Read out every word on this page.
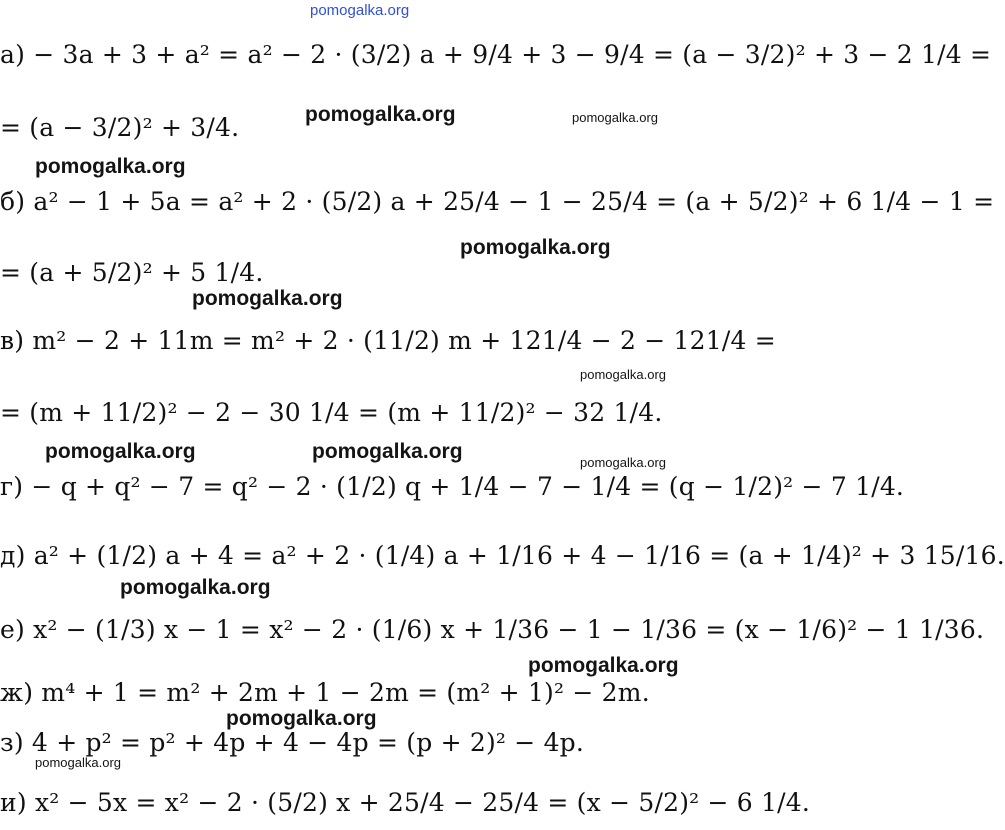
pomogalka.org
а) − 3a + 3 + a² = a² − 2 · (3/2) a + 9/4 + 3 − 9/4 = (a − 3/2)² + 3 − 2 1/4 =
= (a − 3/2)² + 3/4.
б) a² − 1 + 5a = a² + 2 · (5/2) a + 25/4 − 1 − 25/4 = (a + 5/2)² + 6 1/4 − 1 =
= (a + 5/2)² + 5 1/4.
в) m² − 2 + 11m = m² + 2 · (11/2) m + 121/4 − 2 − 121/4 =
= (m + 11/2)² − 2 − 30 1/4 = (m + 11/2)² − 32 1/4.
г) − q + q² − 7 = q² − 2 · (1/2) q + 1/4 − 7 − 1/4 = (q − 1/2)² − 7 1/4.
д) a² + (1/2) a + 4 = a² + 2 · (1/4) a + 1/16 + 4 − 1/16 = (a + 1/4)² + 3 15/16.
е) x² − (1/3) x − 1 = x² − 2 · (1/6) x + 1/36 − 1 − 1/36 = (x − 1/6)² − 1 1/36.
ж) m⁴ + 1 = m² + 2m + 1 − 2m = (m² + 1)² − 2m.
з) 4 + p² = p² + 4p + 4 − 4p = (p + 2)² − 4p.
и) x² − 5x = x² − 2 · (5/2) x + 25/4 − 25/4 = (x − 5/2)² − 6 1/4.
pomogalka.org	pomogalka.org
pomogalka.org
pomogalka.org
pomogalka.org
pomogalka.org
pomogalka.org	pomogalka.org	pomogalka.org
pomogalka.org
pomogalka.org
pomogalka.org
pomogalka.org
